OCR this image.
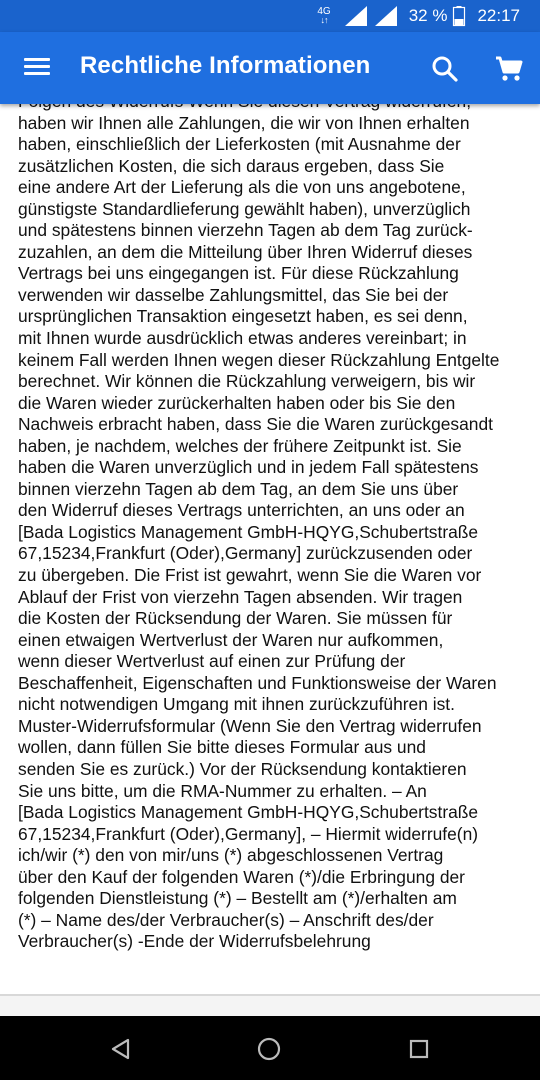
4G
↓↑	32 % 22:17
Rechtliche Informationen
haben wir Ihnen alle Zahlungen, die wir von Ihnen erhalten
haben, einschließlich der Lieferkosten (mit Ausnahme der
zusätzlichen Kosten, die sich daraus ergeben, dass Sie
eine andere Art der Lieferung als die von uns angebotene,
günstigste Standardlieferung gewählt haben), unverzüglich
und spätestens binnen vierzehn Tagen ab dem Tag zurück-
zuzahlen, an dem die Mitteilung über Ihren Widerruf dieses
Vertrags bei uns eingegangen ist. Für diese Rückzahlung
verwenden wir dasselbe Zahlungsmittel, das Sie bei der
ursprünglichen Transaktion eingesetzt haben, es sei denn,
mit Ihnen wurde ausdrücklich etwas anderes vereinbart; in
keinem Fall werden Ihnen wegen dieser Rückzahlung Entgelte
berechnet. Wir können die Rückzahlung verweigern, bis wir
die Waren wieder zurückerhalten haben oder bis Sie den
Nachweis erbracht haben, dass Sie die Waren zurückgesandt
haben, je nachdem, welches der frühere Zeitpunkt ist. Sie
haben die Waren unverzüglich und in jedem Fall spätestens
binnen vierzehn Tagen ab dem Tag, an dem Sie uns über
den Widerruf dieses Vertrags unterrichten, an uns oder an
[Bada Logistics Management GmbH-HQYG,Schubertstraße
67,15234,Frankfurt (Oder),Germany] zurückzusenden oder
zu übergeben. Die Frist ist gewahrt, wenn Sie die Waren vor
Ablauf der Frist von vierzehn Tagen absenden. Wir tragen
die Kosten der Rücksendung der Waren. Sie müssen für
einen etwaigen Wertverlust der Waren nur aufkommen,
wenn dieser Wertverlust auf einen zur Prüfung der
Beschaffenheit, Eigenschaften und Funktionsweise der Waren
nicht notwendigen Umgang mit ihnen zurückzuführen ist.
Muster-Widerrufsformular (Wenn Sie den Vertrag widerrufen
wollen, dann füllen Sie bitte dieses Formular aus und
senden Sie es zurück.) Vor der Rücksendung kontaktieren
Sie uns bitte, um die RMA-Nummer zu erhalten. – An
[Bada Logistics Management GmbH-HQYG,Schubertstraße
67,15234,Frankfurt (Oder),Germany], – Hiermit widerrufe(n)
ich/wir (*) den von mir/uns (*) abgeschlossenen Vertrag
über den Kauf der folgenden Waren (*)/die Erbringung der
folgenden Dienstleistung (*) – Bestellt am (*)/erhalten am
(*) – Name des/der Verbraucher(s) – Anschrift des/der
Verbraucher(s) -Ende der Widerrufsbelehrung
